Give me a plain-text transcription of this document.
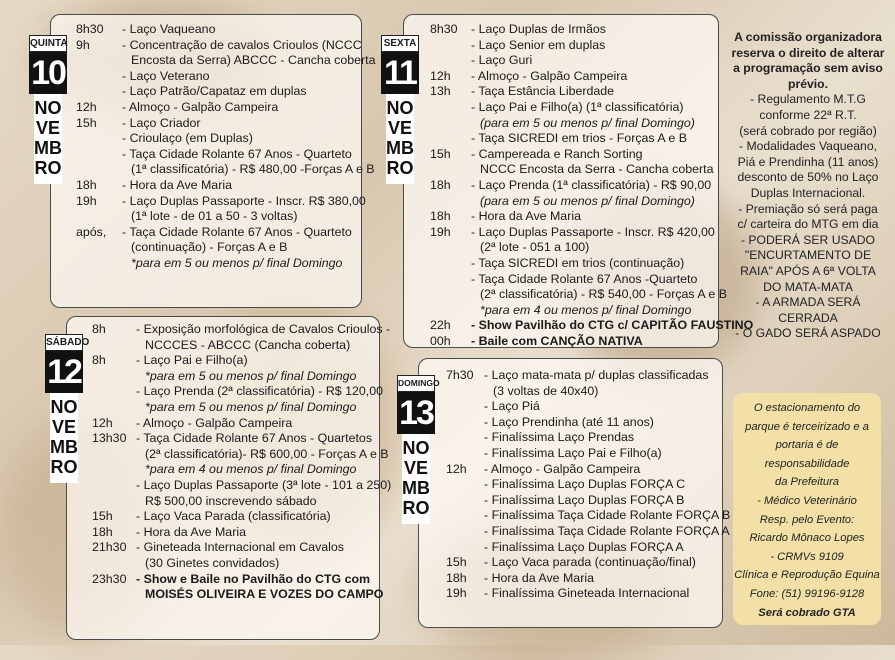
QUINTA
10
NOVEMBRO
8h30	- Laço Vaqueano
9h	- Concentração de cavalos Crioulos (NCCC
Encosta da Serra) ABCCC - Cancha coberta
- Laço Veterano
- Laço Patrão/Capataz em duplas
12h	- Almoço - Galpão Campeira
15h	- Laço Criador
- Crioulaço (em Duplas)
- Taça Cidade Rolante 67 Anos - Quarteto
(1ª classificatória) - R$ 480,00 -Forças A e B
18h	- Hora da Ave Maria
19h	- Laço Duplas Passaporte - Inscr. R$ 380,00
(1ª lote - de 01 a 50 - 3 voltas)
após,	- Taça Cidade Rolante 67 Anos - Quarteto
(continuação) - Forças A e B
*para em 5 ou menos p/ final Domingo
SEXTA
11
NOVEMBRO
8h30	- Laço Duplas de Irmãos
- Laço Senior em duplas
- Laço Guri
12h	- Almoço - Galpão Campeira
13h	- Taça Estância Liberdade
- Laço Pai e Filho(a) (1ª classificatória)
(para em 5 ou menos p/ final Domingo)
- Taça SICREDI em trios - Forças A e B
15h	- Campereada e Ranch Sorting
NCCC Encosta da Serra - Cancha coberta
18h	- Laço Prenda (1ª classificatória) - R$ 90,00
(para em 5 ou menos p/ final Domingo)
18h	- Hora da Ave Maria
19h	- Laço Duplas Passaporte - Inscr. R$ 420,00
(2ª lote - 051 a 100)
- Taça SICREDI em trios (continuação)
- Taça Cidade Rolante 67 Anos -Quarteto
(2ª classificatória) - R$ 540,00 - Forças A e B
*para em 4 ou menos p/ final Domingo
22h	- Show Pavilhão do CTG c/ CAPITÃO FAUSTINO
00h	- Baile com CANÇÃO NATIVA
SÁBADO
12
NOVEMBRO
8h	- Exposição morfológica de Cavalos Crioulos -
NCCCES - ABCCC (Cancha coberta)
8h	- Laço Pai e Filho(a)
*para em 5 ou menos p/ final Domingo
- Laço Prenda (2ª classificatória) - R$ 120,00
*para em 5 ou menos p/ final Domingo
12h	- Almoço - Galpão Campeira
13h30 - Taça Cidade Rolante 67 Anos - Quartetos
(2ª classificatória)- R$ 600,00 - Forças A e B
*para em 4 ou menos p/ final Domingo
- Laço Duplas Passaporte (3ª lote - 101 a 250)
R$ 500,00 inscrevendo sábado
15h	- Laço Vaca Parada (classificatória)
18h	- Hora da Ave Maria
21h30 - Gineteada Internacional em Cavalos
(30 Ginetes convidados)
23h30 - Show e Baile no Pavilhão do CTG com
MOISÉS OLIVEIRA E VOZES DO CAMPO
DOMINGO
13
NOVEMBRO
7h30 - Laço mata-mata p/ duplas classificadas
(3 voltas de 40x40)
- Laço Piá
- Laço Prendinha (até 11 anos)
- Finalíssima Laço Prendas
- Finalíssima Laço Pai e Filho(a)
12h	- Almoço - Galpão Campeira
- Finalíssima Laço Duplas FORÇA C
- Finalíssima Laço Duplas FORÇA B
- Finalíssima Taça Cidade Rolante FORÇA B
- Finalíssima Taça Cidade Rolante FORÇA A
- Finalíssima Laço Duplas FORÇA A
15h	- Laço Vaca parada (continuação/final)
18h	- Hora da Ave Maria
19h	- Finalíssima Gineteada Internacional
A comissão organizadora
reserva o direito de alterar
a programação sem aviso
prévio.
- Regulamento M.T.G
conforme 22ª R.T.
(será cobrado por região)
- Modalidades Vaqueano,
Piá e Prendinha (11 anos)
desconto de 50% no Laço
Duplas Internacional.
- Premiação só será paga
c/ carteira do MTG em dia
- PODERÁ SER USADO
"ENCURTAMENTO DE
RAIA" APÓS A 6ª VOLTA
DO MATA-MATA
- A ARMADA SERÁ
CERRADA
- O GADO SERÁ ASPADO
O estacionamento do
parque é terceirizado e a
portaria é de responsabilidade
da Prefeitura
- Médico Veterinário
Resp. pelo Evento:
Ricardo Mônaco Lopes
- CRMVs 9109
Clínica e Reprodução Equina
Fone: (51) 99196-9128
Será cobrado GTA
